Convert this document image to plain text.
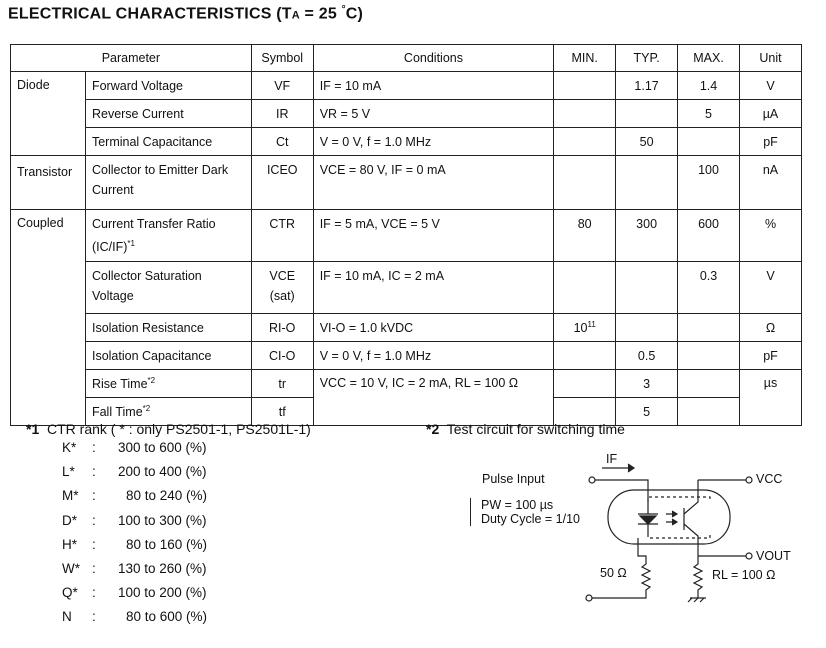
ELECTRICAL CHARACTERISTICS (TA = 25 °C)
Parameter		Symbol	Conditions	MIN.	TYP.	MAX.	Unit
Diode	Forward Voltage	VF	IF = 10 mA		1.17	1.4	V
	Reverse Current	IR	VR = 5 V			5	µA
	Terminal Capacitance	Ct	V = 0 V, f = 1.0 MHz		50		pF
Transistor	Collector to Emitter Dark Current	ICEO	VCE = 80 V, IF = 0 mA			100	nA
Coupled	Current Transfer Ratio $(IC/IF)^{*1}$	CTR	IF = 5 mA, VCE = 5 V	80	300	600	%
	Collector Saturation Voltage	VCE (sat)	IF = 10 mA, IC = 2 mA			0.3	V
	Isolation Resistance	RI-O	VI-O = 1.0 kVDC	$10^{11}$			Ω
	Isolation Capacitance	CI-O	V = 0 V, f = 1.0 MHz		0.5		pF
	Rise Time$^{*2}$	tr	VCC = 10 V, IC = 2 mA, RL = 100 Ω		3		µs
	Fall Time$^{*2}$	tf			5		
*1 CTR rank ( * : only PS2501-1, PS2501L-1)	*2 Test circuit for switching time
K*	:	300 to 600 (%)
L*	:	200 to 400 (%)
M*	:	80 to 240 (%)
D*	:	100 to 300 (%)
H*	:	80 to 160 (%)
W* :	130 to 260 (%)
Q*	:	100 to 200 (%)
N	:	80 to 600 (%)
Pulse Input
IF
VCC
VOUT
PW = 100 µs
Duty Cycle = 1/10
50 Ω	RL = 100 Ω
